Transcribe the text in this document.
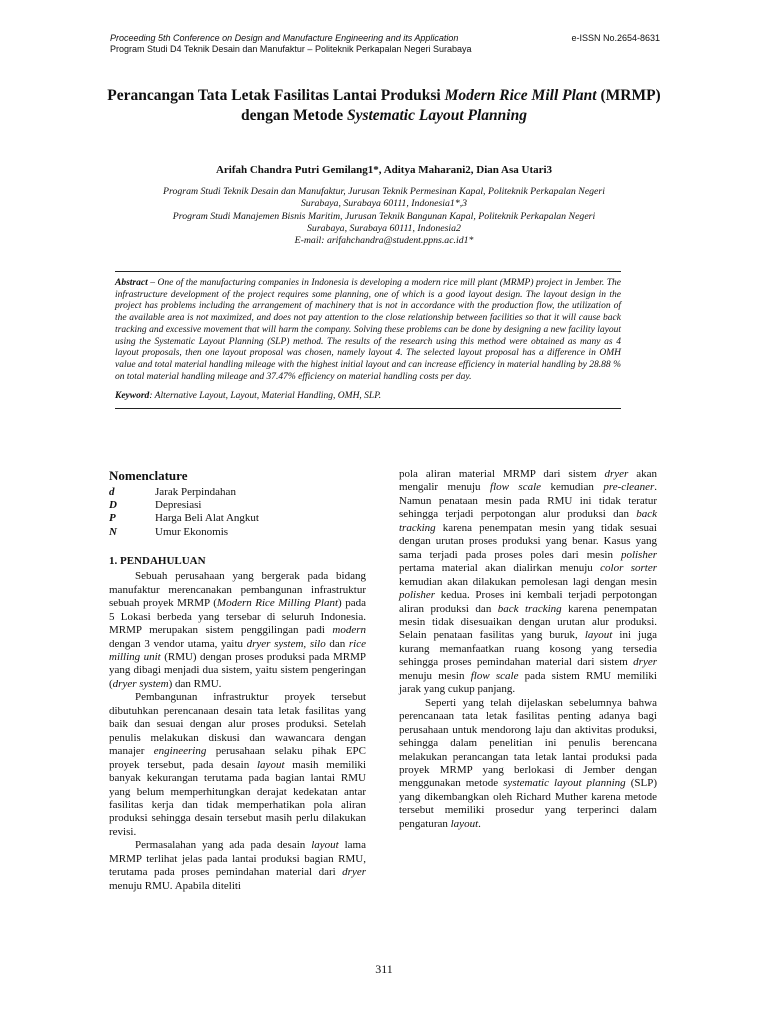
Proceeding 5th Conference on Design and Manufacture Engineering and its Application	e-ISSN No.2654-8631
Program Studi D4 Teknik Desain dan Manufaktur – Politeknik Perkapalan Negeri Surabaya
Perancangan Tata Letak Fasilitas Lantai Produksi Modern Rice Mill Plant (MRMP) dengan Metode Systematic Layout Planning
Arifah Chandra Putri Gemilang1*, Aditya Maharani2, Dian Asa Utari3
Program Studi Teknik Desain dan Manufaktur, Jurusan Teknik Permesinan Kapal, Politeknik Perkapalan Negeri
Surabaya, Surabaya 60111, Indonesia1*,3
Program Studi Manajemen Bisnis Maritim, Jurusan Teknik Bangunan Kapal, Politeknik Perkapalan Negeri
Surabaya, Surabaya 60111, Indonesia2
E-mail: arifahchandra@student.ppns.ac.id1*

Abstract – One of the manufacturing companies in Indonesia is developing a modern rice mill plant (MRMP) project in Jember. The infrastructure development of the project requires some planning, one of which is a good layout design. The layout design in the project has problems including the arrangement of machinery that is not in accordance with the production flow, the utilization of the available area is not maximized, and does not pay attention to the close relationship between facilities so that it will cause back tracking and excessive movement that will harm the company. Solving these problems can be done by designing a new facility layout using the Systematic Layout Planning (SLP) method. The results of the research using this method were obtained as many as 4 layout proposals, then one layout proposal was chosen, namely layout 4. The selected layout proposal has a difference in OMH value and total material handling mileage with the highest initial layout and can increase efficiency in material handling by 28.88 % on total material handling mileage and 37.47% efficiency on material handling costs per day.

Keyword: Alternative Layout, Layout, Material Handling, OMH, SLP.

Nomenclature
d	Jarak Perpindahan
D	Depresiasi
P	Harga Beli Alat Angkut
N	Umur Ekonomis
1. PENDAHULUAN

Sebuah perusahaan yang bergerak pada bidang manufaktur merencanakan pembangunan infrastruktur sebuah proyek MRMP (Modern Rice Milling Plant) pada 5 Lokasi berbeda yang tersebar di seluruh Indonesia. MRMP merupakan sistem penggilingan padi modern dengan 3 vendor utama, yaitu dryer system, silo dan rice milling unit (RMU) dengan proses produksi pada MRMP yang dibagi menjadi dua sistem, yaitu sistem pengeringan (dryer system) dan RMU.

Pembangunan infrastruktur proyek tersebut dibutuhkan perencanaan desain tata letak fasilitas yang baik dan sesuai dengan alur proses produksi. Setelah penulis melakukan diskusi dan wawancara dengan manajer engineering perusahaan selaku pihak EPC proyek tersebut, pada desain layout masih memiliki banyak kekurangan terutama pada bagian lantai RMU yang belum memperhitungkan derajat kedekatan antar fasilitas kerja dan tidak memperhatikan pola aliran produksi sehingga desain tersebut masih perlu dilakukan revisi.

Permasalahan yang ada pada desain layout lama MRMP terlihat jelas pada lantai produksi bagian RMU, terutama pada proses pemindahan material dari dryer menuju RMU. Apabila diteliti

pola aliran material MRMP dari sistem dryer akan mengalir menuju flow scale kemudian pre-cleaner. Namun penataan mesin pada RMU ini tidak teratur sehingga terjadi perpotongan alur produksi dan back tracking karena penempatan mesin yang tidak sesuai dengan urutan proses produksi yang benar. Kasus yang sama terjadi pada proses poles dari mesin polisher pertama material akan dialirkan menuju color sorter kemudian akan dilakukan pemolesan lagi dengan mesin polisher kedua. Proses ini kembali terjadi perpotongan aliran produksi dan back tracking karena penempatan mesin tidak disesuaikan dengan urutan alur produksi. Selain penataan fasilitas yang buruk, layout ini juga kurang memanfaatkan ruang kosong yang tersedia sehingga proses pemindahan material dari sistem dryer menuju mesin flow scale pada sistem RMU memiliki jarak yang cukup panjang.

Seperti yang telah dijelaskan sebelumnya bahwa perencanaan tata letak fasilitas penting adanya bagi perusahaan untuk mendorong laju dan aktivitas produksi, sehingga dalam penelitian ini penulis berencana melakukan perancangan tata letak lantai produksi pada proyek MRMP yang berlokasi di Jember dengan menggunakan metode systematic layout planning (SLP) yang dikembangkan oleh Richard Muther karena metode tersebut memiliki prosedur yang terperinci dalam pengaturan layout.

311
